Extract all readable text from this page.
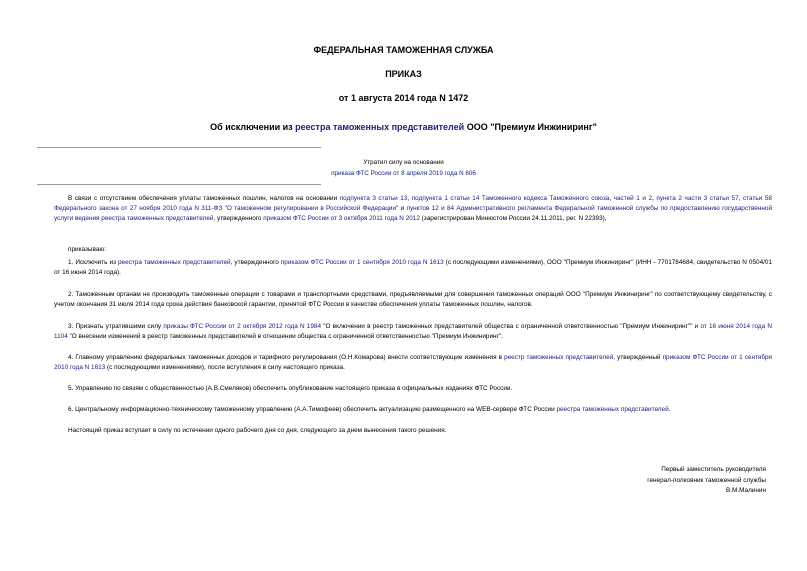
ФЕДЕРАЛЬНАЯ ТАМОЖЕННАЯ СЛУЖБА
ПРИКАЗ
от 1 августа 2014 года N 1472
Об исключении из реестра таможенных представителей ООО "Премиум Инжиниринг"
Утратил силу на основании
приказа ФТС России от 8 апреля 2019 года N 606
В связи с отсутствием обеспечения уплаты таможенных пошлин, налогов на основании подпункта 3 статьи 13, подпункта 1 статьи 14 Таможенного кодекса Таможенного союза, частей 1 и 2, пункта 2 части 3 статьи 57, статьи 58 Федерального закона от 27 ноября 2010 года N 311-ФЗ "О таможенном регулировании в Российской Федерации" и пунктов 12 и 84 Административного регламента Федеральной таможенной службы по предоставлению государственной услуги ведения реестра таможенных представителей, утвержденного приказом ФТС России от 3 октября 2011 года N 2012 (зарегистрирован Минюстом России 24.11.2011, рег. N 22393),
приказываю:
1. Исключить из реестра таможенных представителей, утвержденного приказом ФТС России от 1 сентября 2010 года N 1613 (с последующими изменениями), ООО "Премиум Инжиниринг" (ИНН - 7701784684, свидетельство N 0504/01 от 16 июня 2014 года).
2. Таможенным органам не производить таможенные операции с товарами и транспортными средствами, предъявляемыми для совершения таможенных операций ООО "Премиум Инжиниринг" по соответствующему свидетельству, с учетом окончания 31 июля 2014 года срока действия банковской гарантии, принятой ФТС России в качестве обеспечения уплаты таможенных пошлин, налогов.
3. Признать утратившими силу приказы ФТС России от 2 октября 2012 года N 1984 "О включении в реестр таможенных представителей общества с ограниченной ответственностью "Премиум Инжиниринг"" и от 16 июня 2014 года N 1104 "О внесении изменений в реестр таможенных представителей в отношении общества с ограниченной ответственностью "Премиум Инжиниринг".
4. Главному управлению федеральных таможенных доходов и тарифного регулирования (О.Н.Комарова) внести соответствующие изменения в реестр таможенных представителей, утвержденный приказом ФТС России от 1 сентября 2010 года N 1613 (с последующими изменениями), после вступления в силу настоящего приказа.
5. Управлению по связям с общественностью (А.В.Смеляков) обеспечить опубликование настоящего приказа в официальных изданиях ФТС России.
6. Центральному информационно-техническому таможенному управлению (А.А.Тимофеев) обеспечить актуализацию размещенного на WEB-сервере ФТС России реестра таможенных представителей.
Настоящий приказ вступает в силу по истечении одного рабочего дня со дня, следующего за днем вынесения такого решения.
Первый заместитель руководителя
генерал-полковник таможенной службы
В.М.Малинин
